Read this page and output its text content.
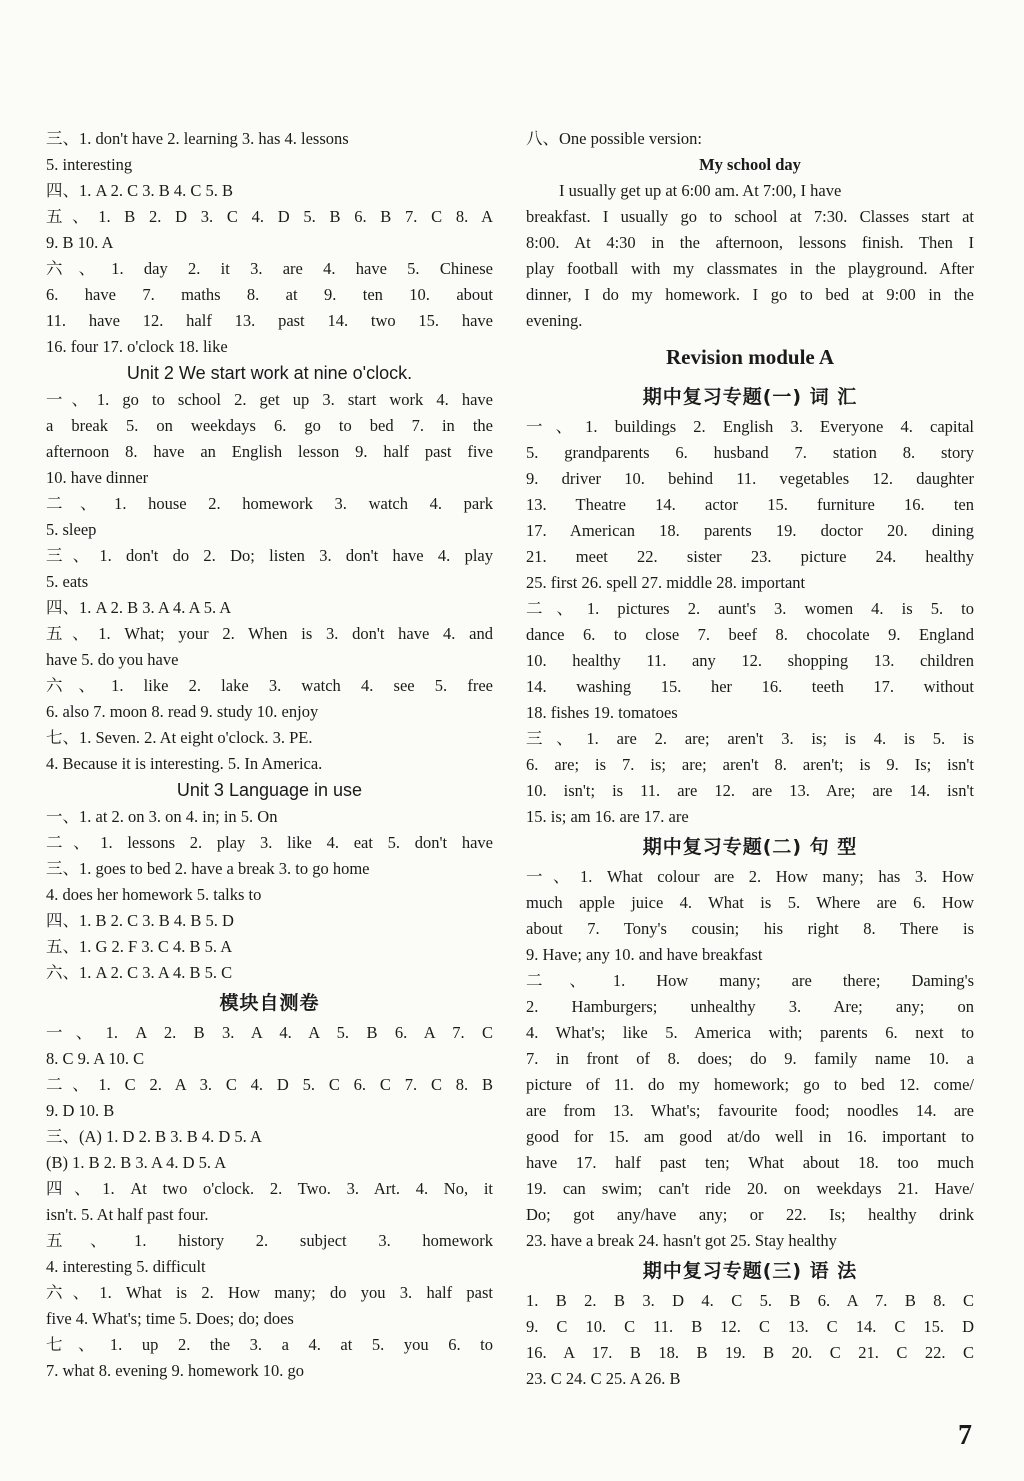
三、1. don't have 2. learning 3. has 4. lessons
5. interesting
四、1. A 2. C 3. B 4. C 5. B
五、1. B 2. D 3. C 4. D 5. B 6. B 7. C 8. A
9. B 10. A
六、1. day 2. it 3. are 4. have 5. Chinese
6. have 7. maths 8. at 9. ten 10. about
11. have 12. half 13. past 14. two 15. have
16. four 17. o'clock 18. like
Unit 2 We start work at nine o'clock.
一、1. go to school 2. get up 3. start work 4. have
a break 5. on weekdays 6. go to bed 7. in the
afternoon 8. have an English lesson 9. half past five
10. have dinner
二、1. house 2. homework 3. watch 4. park
5. sleep
三、1. don't do 2. Do; listen 3. don't have 4. play
5. eats
四、1. A 2. B 3. A 4. A 5. A
五、1. What; your 2. When is 3. don't have 4. and
have 5. do you have
六、1. like 2. lake 3. watch 4. see 5. free
6. also 7. moon 8. read 9. study 10. enjoy
七、1. Seven. 2. At eight o'clock. 3. PE.
4. Because it is interesting. 5. In America.
Unit 3 Language in use
一、1. at 2. on 3. on 4. in; in 5. On
二、1. lessons 2. play 3. like 4. eat 5. don't have
三、1. goes to bed 2. have a break 3. to go home
4. does her homework 5. talks to
四、1. B 2. C 3. B 4. B 5. D
五、1. G 2. F 3. C 4. B 5. A
六、1. A 2. C 3. A 4. B 5. C
模块自测卷
一、1. A 2. B 3. A 4. A 5. B 6. A 7. C
8. C 9. A 10. C
二、1. C 2. A 3. C 4. D 5. C 6. C 7. C 8. B
9. D 10. B
三、(A) 1. D 2. B 3. B 4. D 5. A
(B) 1. B 2. B 3. A 4. D 5. A
四、1. At two o'clock. 2. Two. 3. Art. 4. No, it
isn't. 5. At half past four.
五、1. history 2. subject 3. homework
4. interesting 5. difficult
六、1. What is 2. How many; do you 3. half past
five 4. What's; time 5. Does; do; does
七、1. up 2. the 3. a 4. at 5. you 6. to
7. what 8. evening 9. homework 10. go
八、One possible version:
My school day
I usually get up at 6:00 am. At 7:00, I have
breakfast. I usually go to school at 7:30. Classes start at
8:00. At 4:30 in the afternoon, lessons finish. Then I
play football with my classmates in the playground. After
dinner, I do my homework. I go to bed at 9:00 in the
evening.
Revision module A
期中复习专题(一) 词 汇
一、1. buildings 2. English 3. Everyone 4. capital
5. grandparents 6. husband 7. station 8. story
9. driver 10. behind 11. vegetables 12. daughter
13. Theatre 14. actor 15. furniture 16. ten
17. American 18. parents 19. doctor 20. dining
21. meet 22. sister 23. picture 24. healthy
25. first 26. spell 27. middle 28. important
二、1. pictures 2. aunt's 3. women 4. is 5. to
dance 6. to close 7. beef 8. chocolate 9. England
10. healthy 11. any 12. shopping 13. children
14. washing 15. her 16. teeth 17. without
18. fishes 19. tomatoes
三、1. are 2. are; aren't 3. is; is 4. is 5. is
6. are; is 7. is; are; aren't 8. aren't; is 9. Is; isn't
10. isn't; is 11. are 12. are 13. Are; are 14. isn't
15. is; am 16. are 17. are
期中复习专题(二) 句 型
一、1. What colour are 2. How many; has 3. How
much apple juice 4. What is 5. Where are 6. How
about 7. Tony's cousin; his right 8. There is
9. Have; any 10. and have breakfast
二、1. How many; are there; Daming's
2. Hamburgers; unhealthy 3. Are; any; on
4. What's; like 5. America with; parents 6. next to
7. in front of 8. does; do 9. family name 10. a
picture of 11. do my homework; go to bed 12. come/
are from 13. What's; favourite food; noodles 14. are
good for 15. am good at/do well in 16. important to
have 17. half past ten; What about 18. too much
19. can swim; can't ride 20. on weekdays 21. Have/
Do; got any/have any; or 22. Is; healthy drink
23. have a break 24. hasn't got 25. Stay healthy
期中复习专题(三) 语 法
1. B 2. B 3. D 4. C 5. B 6. A 7. B 8. C
9. C 10. C 11. B 12. C 13. C 14. C 15. D
16. A 17. B 18. B 19. B 20. C 21. C 22. C
23. C 24. C 25. A 26. B
7
